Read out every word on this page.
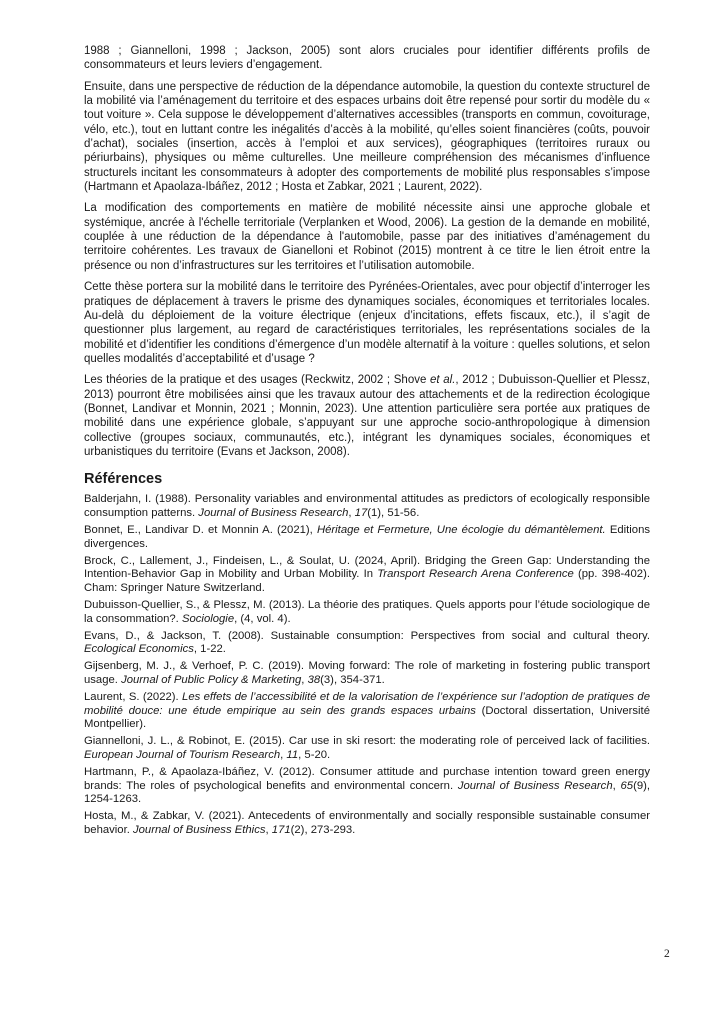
1988 ; Giannelloni, 1998 ; Jackson, 2005) sont alors cruciales pour identifier différents profils de consommateurs et leurs leviers d’engagement.

Ensuite, dans une perspective de réduction de la dépendance automobile, la question du contexte structurel de la mobilité via l’aménagement du territoire et des espaces urbains doit être repensé pour sortir du modèle du « tout voiture ». Cela suppose le développement d’alternatives accessibles (transports en commun, covoiturage, vélo, etc.), tout en luttant contre les inégalités d’accès à la mobilité, qu’elles soient financières (coûts, pouvoir d’achat), sociales (insertion, accès à l’emploi et aux services), géographiques (territoires ruraux ou périurbains), physiques ou même culturelles. Une meilleure compréhension des mécanismes d’influence structurels incitant les consommateurs à adopter des comportements de mobilité plus responsables s’impose (Hartmann et Apaolaza-Ibáñez, 2012 ; Hosta et Zabkar, 2021 ; Laurent, 2022).

La modification des comportements en matière de mobilité nécessite ainsi une approche globale et systémique, ancrée à l'échelle territoriale (Verplanken et Wood, 2006). La gestion de la demande en mobilité, couplée à une réduction de la dépendance à l'automobile, passe par des initiatives d’aménagement du territoire cohérentes. Les travaux de Gianelloni et Robinot (2015) montrent à ce titre le lien étroit entre la présence ou non d’infrastructures sur les territoires et l’utilisation automobile.

Cette thèse portera sur la mobilité dans le territoire des Pyrénées-Orientales, avec pour objectif d’interroger les pratiques de déplacement à travers le prisme des dynamiques sociales, économiques et territoriales locales. Au-delà du déploiement de la voiture électrique (enjeux d’incitations, effets fiscaux, etc.), il s’agit de questionner plus largement, au regard de caractéristiques territoriales, les représentations sociales de la mobilité et d’identifier les conditions d’émergence d’un modèle alternatif à la voiture : quelles solutions, et selon quelles modalités d’acceptabilité et d’usage ?

Les théories de la pratique et des usages (Reckwitz, 2002 ; Shove et al., 2012 ; Dubuisson-Quellier et Plessz, 2013) pourront être mobilisées ainsi que les travaux autour des attachements et de la redirection écologique (Bonnet, Landivar et Monnin, 2021 ; Monnin, 2023). Une attention particulière sera portée aux pratiques de mobilité dans une expérience globale, s’appuyant sur une approche socio-anthropologique à dimension collective (groupes sociaux, communautés, etc.), intégrant les dynamiques sociales, économiques et urbanistiques du territoire (Evans et Jackson, 2008).

Références

Balderjahn, I. (1988). Personality variables and environmental attitudes as predictors of ecologically responsible consumption patterns. Journal of Business Research, 17(1), 51-56.

Bonnet, E., Landivar D. et Monnin A. (2021), Héritage et Fermeture, Une écologie du démantèlement. Editions divergences.

Brock, C., Lallement, J., Findeisen, L., & Soulat, U. (2024, April). Bridging the Green Gap: Understanding the Intention-Behavior Gap in Mobility and Urban Mobility. In Transport Research Arena Conference (pp. 398-402). Cham: Springer Nature Switzerland.

Dubuisson-Quellier, S., & Plessz, M. (2013). La théorie des pratiques. Quels apports pour l’étude sociologique de la consommation?. Sociologie, (4, vol. 4).

Evans, D., & Jackson, T. (2008). Sustainable consumption: Perspectives from social and cultural theory. Ecological Economics, 1-22.

Gijsenberg, M. J., & Verhoef, P. C. (2019). Moving forward: The role of marketing in fostering public transport usage. Journal of Public Policy & Marketing, 38(3), 354-371.

Laurent, S. (2022). Les effets de l’accessibilité et de la valorisation de l’expérience sur l’adoption de pratiques de mobilité douce: une étude empirique au sein des grands espaces urbains (Doctoral dissertation, Université Montpellier).

Giannelloni, J. L., & Robinot, E. (2015). Car use in ski resort: the moderating role of perceived lack of facilities. European Journal of Tourism Research, 11, 5-20.

Hartmann, P., & Apaolaza-Ibáñez, V. (2012). Consumer attitude and purchase intention toward green energy brands: The roles of psychological benefits and environmental concern. Journal of Business Research, 65(9), 1254-1263.

Hosta, M., & Zabkar, V. (2021). Antecedents of environmentally and socially responsible sustainable consumer behavior. Journal of Business Ethics, 171(2), 273-293.

2
